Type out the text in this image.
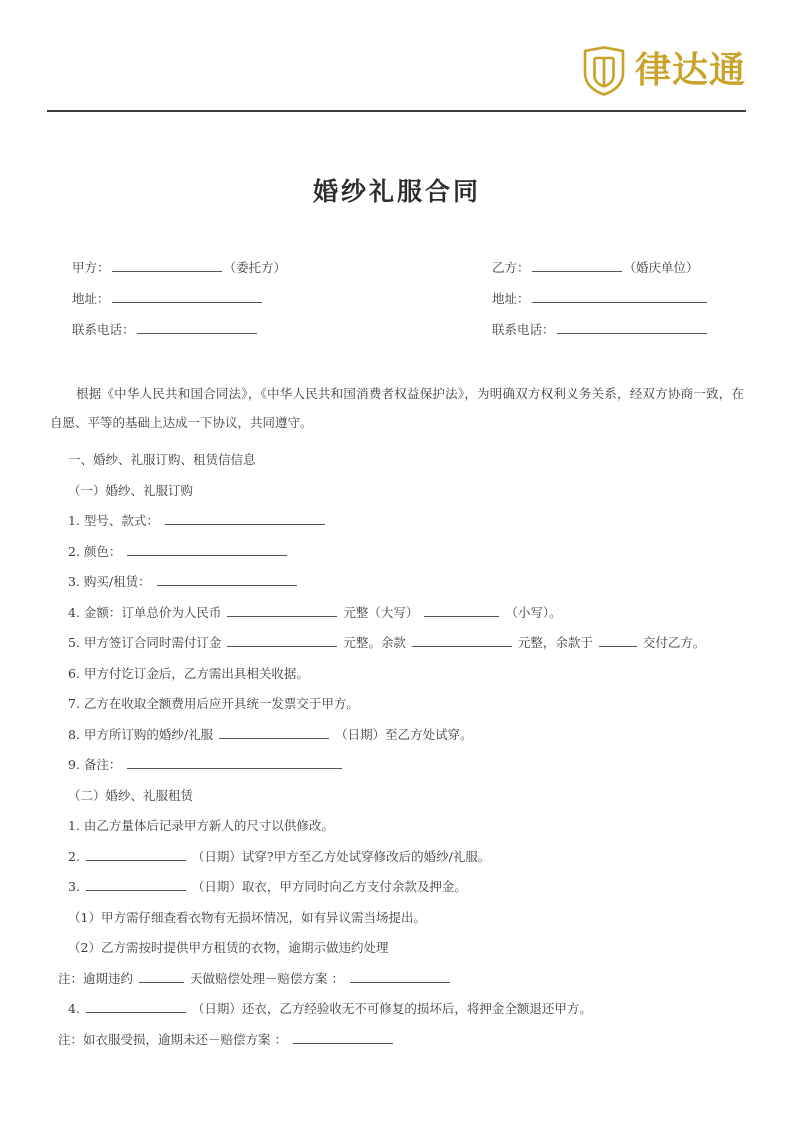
律达通
婚纱礼服合同
甲方：	（委托方）	乙方：	（婚庆单位）
地址：	地址：
联系电话：	联系电话：

根据《中华人民共和国合同法》，《中华人民共和国消费者权益保护法》，为明确双方权利义务关系，经双方协商一致，在自愿、平等的基础上达成一下协议，共同遵守。

一、婚纱、礼服订购、租赁信信息
（一）婚纱、礼服订购
1. 型号、款式：
2. 颜色：
3. 购买/租赁：
4. 金额：订单总价为人民币	元整（大写）	（小写）。
5. 甲方签订合同时需付订金	元整。余款	元整，余款于	交付乙方。
6. 甲方付讫订金后，乙方需出具相关收据。
7. 乙方在收取全额费用后应开具统一发票交于甲方。
8. 甲方所订购的婚纱/礼服	（日期）至乙方处试穿。
9. 备注：
（二）婚纱、礼服租赁
1. 由乙方量体后记录甲方新人的尺寸以供修改。
2.	（日期）试穿?甲方至乙方处试穿修改后的婚纱/礼服。
3.	（日期）取衣，甲方同时向乙方支付余款及押金。
（1）甲方需仔细查看衣物有无损坏情况，如有异议需当场提出。
（2）乙方需按时提供甲方租赁的衣物，逾期示做违约处理
注：逾期违约	天做赔偿处理－赔偿方案 ：
4.	（日期）还衣，乙方经验收无不可修复的损坏后，将押金全额退还甲方。
注：如衣服受损，逾期未还－赔偿方案 ：
